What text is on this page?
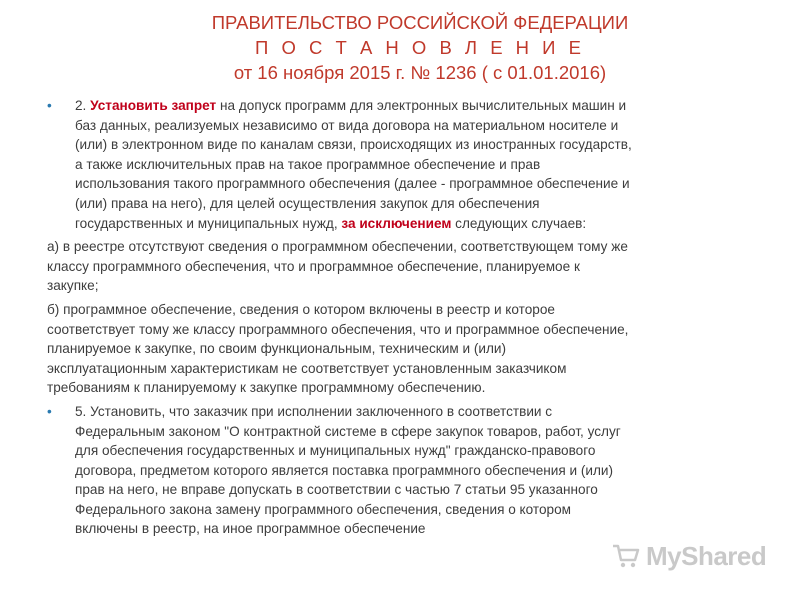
ПРАВИТЕЛЬСТВО РОССИЙСКОЙ ФЕДЕРАЦИИ
П О С Т А Н О В Л Е Н И Е
от 16 ноября 2015 г. № 1236 ( с 01.01.2016)
• 2. Установить запрет на допуск программ для электронных вычислительных машин и
баз данных, реализуемых независимо от вида договора на материальном носителе и
(или) в электронном виде по каналам связи, происходящих из иностранных государств,
а также исключительных прав на такое программное обеспечение и прав
использования такого программного обеспечения (далее - программное обеспечение и
(или) права на него), для целей осуществления закупок для обеспечения
государственных и муниципальных нужд, за исключением следующих случаев:
а) в реестре отсутствуют сведения о программном обеспечении, соответствующем тому же
классу программного обеспечения, что и программное обеспечение, планируемое к
закупке;
б) программное обеспечение, сведения о котором включены в реестр и которое
соответствует тому же классу программного обеспечения, что и программное обеспечение,
планируемое к закупке, по своим функциональным, техническим и (или)
эксплуатационным характеристикам не соответствует установленным заказчиком
требованиям к планируемому к закупке программному обеспечению.
• 5. Установить, что заказчик при исполнении заключенного в соответствии с
Федеральным законом "О контрактной системе в сфере закупок товаров, работ, услуг
для обеспечения государственных и муниципальных нужд" гражданско-правового
договора, предметом которого является поставка программного обеспечения и (или)
прав на него, не вправе допускать в соответствии с частью 7 статьи 95 указанного
Федерального закона замену программного обеспечения, сведения о котором
включены в реестр, на иное программное обеспечение
MyShared
